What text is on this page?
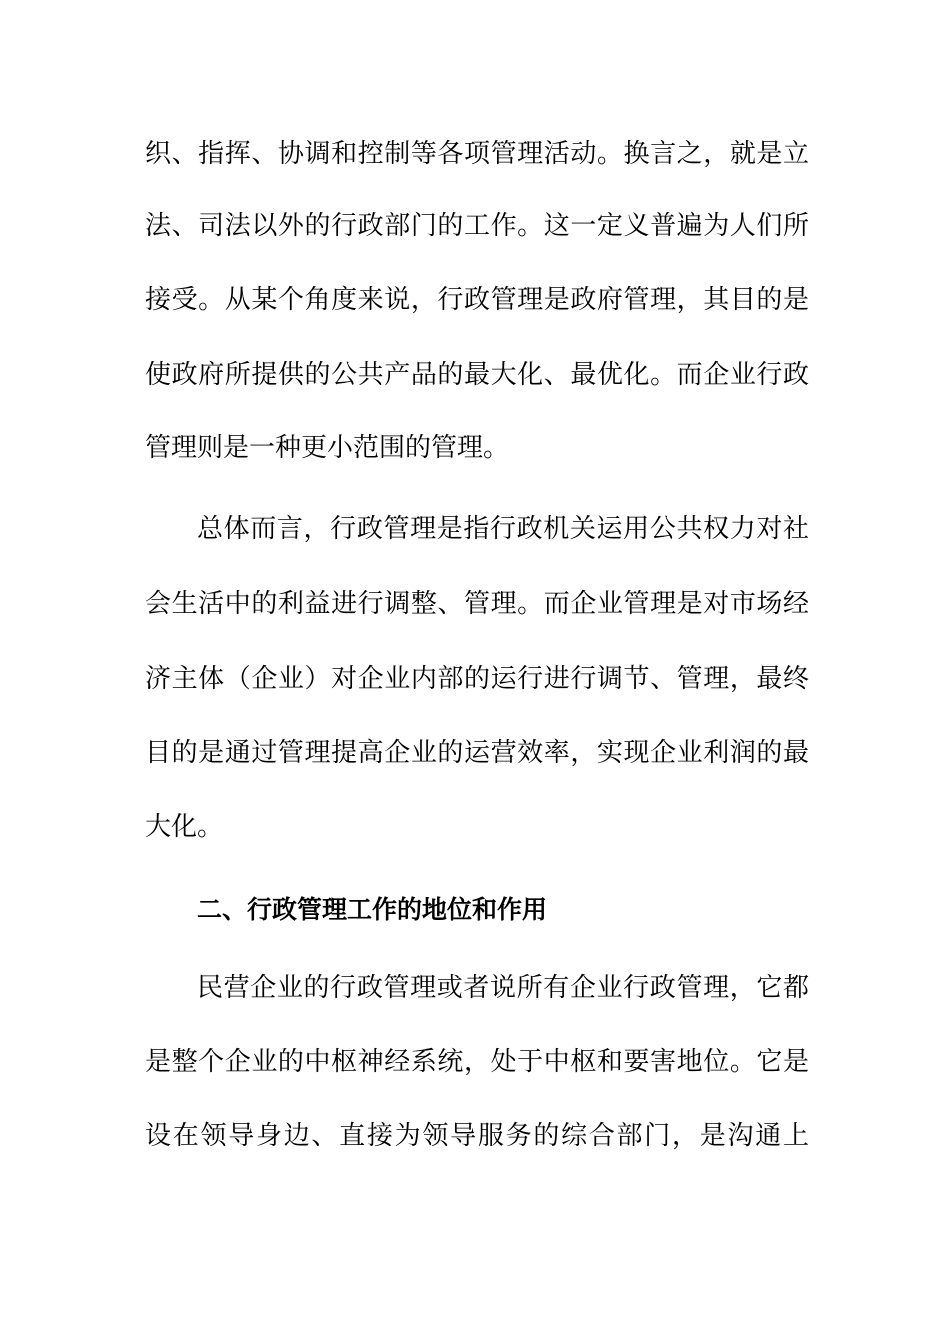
织、指挥、协调和控制等各项管理活动。换言之，就是立
法、司法以外的行政部门的工作。这一定义普遍为人们所
接受。从某个角度来说，行政管理是政府管理，其目的是
使政府所提供的公共产品的最大化、最优化。而企业行政
管理则是一种更小范围的管理。
总体而言，行政管理是指行政机关运用公共权力对社
会生活中的利益进行调整、管理。而企业管理是对市场经
济主体（企业）对企业内部的运行进行调节、管理，最终
目的是通过管理提高企业的运营效率，实现企业利润的最
大化。
二、行政管理工作的地位和作用
民营企业的行政管理或者说所有企业行政管理，它都
是整个企业的中枢神经系统，处于中枢和要害地位。它是
设在领导身边、直接为领导服务的综合部门，是沟通上
